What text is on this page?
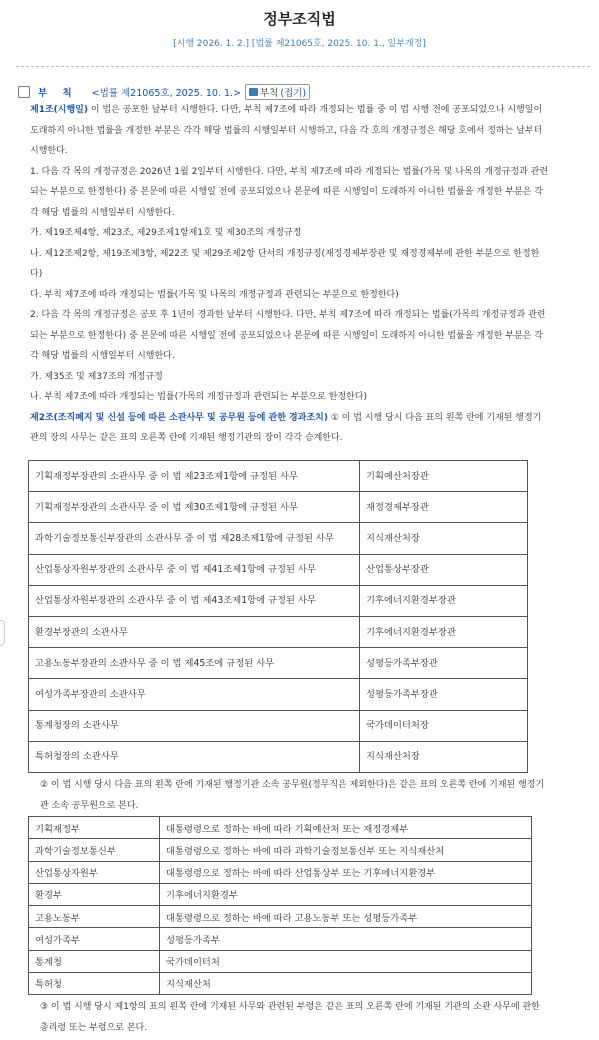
정부조직법
[시행 2026. 1. 2.] [법률 제21065호, 2025. 10. 1., 일부개정]
부 칙 <법률 제21065호, 2025. 10. 1.> 부칙 (접기)

제1조(시행일) 이 법은 공포한 날부터 시행한다. 다만, 부칙 제7조에 따라 개정되는 법률 중 이 법 시행 전에 공포되었으나 시행일이 도래하지 아니한 법률을 개정한 부분은 각각 해당 법률의 시행일부터 시행하고, 다음 각 호의 개정규정은 해당 호에서 정하는 날부터 시행한다.

1. 다음 각 목의 개정규정은 2026년 1월 2일부터 시행한다. 다만, 부칙 제7조에 따라 개정되는 법률(가목 및 나목의 개정규정과 관련되는 부분으로 한정한다) 중 본문에 따른 시행일 전에 공포되었으나 본문에 따른 시행일이 도래하지 아니한 법률을 개정한 부분은 각각 해당 법률의 시행일부터 시행한다.

가. 제19조제4항, 제23조, 제29조제1항제1호 및 제30조의 개정규정

나. 제12조제2항, 제19조제3항, 제22조 및 제29조제2항 단서의 개정규정(재정경제부장관 및 재정경제부에 관한 부분으로 한정한다)

다. 부칙 제7조에 따라 개정되는 법률(가목 및 나목의 개정규정과 관련되는 부분으로 한정한다)

2. 다음 각 목의 개정규정은 공포 후 1년이 경과한 날부터 시행한다. 다만, 부칙 제7조에 따라 개정되는 법률(가목의 개정규정과 관련되는 부분으로 한정한다) 중 본문에 따른 시행일 전에 공포되었으나 본문에 따른 시행일이 도래하지 아니한 법률을 개정한 부분은 각각 해당 법률의 시행일부터 시행한다.

가. 제35조 및 제37조의 개정규정

나. 부칙 제7조에 따라 개정되는 법률(가목의 개정규정과 관련되는 부분으로 한정한다)

제2조(조직폐지 및 신설 등에 따른 소관사무 및 공무원 등에 관한 경과조치) ① 이 법 시행 당시 다음 표의 왼쪽 란에 기재된 행정기관의 장의 사무는 같은 표의 오른쪽 란에 기재된 행정기관의 장이 각각 승계한다.

기획재정부장관의 소관사무 중 이 법 제23조제1항에 규정된 사무	기획예산처장관
기획재정부장관의 소관사무 중 이 법 제30조제1항에 규정된 사무	재정경제부장관
과학기술정보통신부장관의 소관사무 중 이 법 제28조제1항에 규정된 사무	지식재산처장
산업통상자원부장관의 소관사무 중 이 법 제41조제1항에 규정된 사무	산업통상부장관
산업통상자원부장관의 소관사무 중 이 법 제43조제1항에 규정된 사무	기후에너지환경부장관
환경부장관의 소관사무	기후에너지환경부장관
고용노동부장관의 소관사무 중 이 법 제45조에 규정된 사무	성평등가족부장관
여성가족부장관의 소관사무	성평등가족부장관
통계청장의 소관사무	국가데이터처장
특허청장의 소관사무	지식재산처장
② 이 법 시행 당시 다음 표의 왼쪽 란에 기재된 행정기관 소속 공무원(정무직은 제외한다)은 같은 표의 오른쪽 란에 기재된 행정기관 소속 공무원으로 본다.
기획재정부	대통령령으로 정하는 바에 따라 기획예산처 또는 재정경제부
과학기술정보통신부	대통령령으로 정하는 바에 따라 과학기술정보통신부 또는 지식재산처
산업통상자원부	대통령령으로 정하는 바에 따라 산업통상부 또는 기후에너지환경부
환경부	기후에너지환경부
고용노동부	대통령령으로 정하는 바에 따라 고용노동부 또는 성평등가족부
여성가족부	성평등가족부
통계청	국가데이터처
특허청	지식재산처
③ 이 법 시행 당시 제1항의 표의 왼쪽 란에 기재된 사무와 관련된 부령은 같은 표의 오른쪽 란에 기재된 기관의 소관 사무에 관한 총리령 또는 부령으로 본다.
